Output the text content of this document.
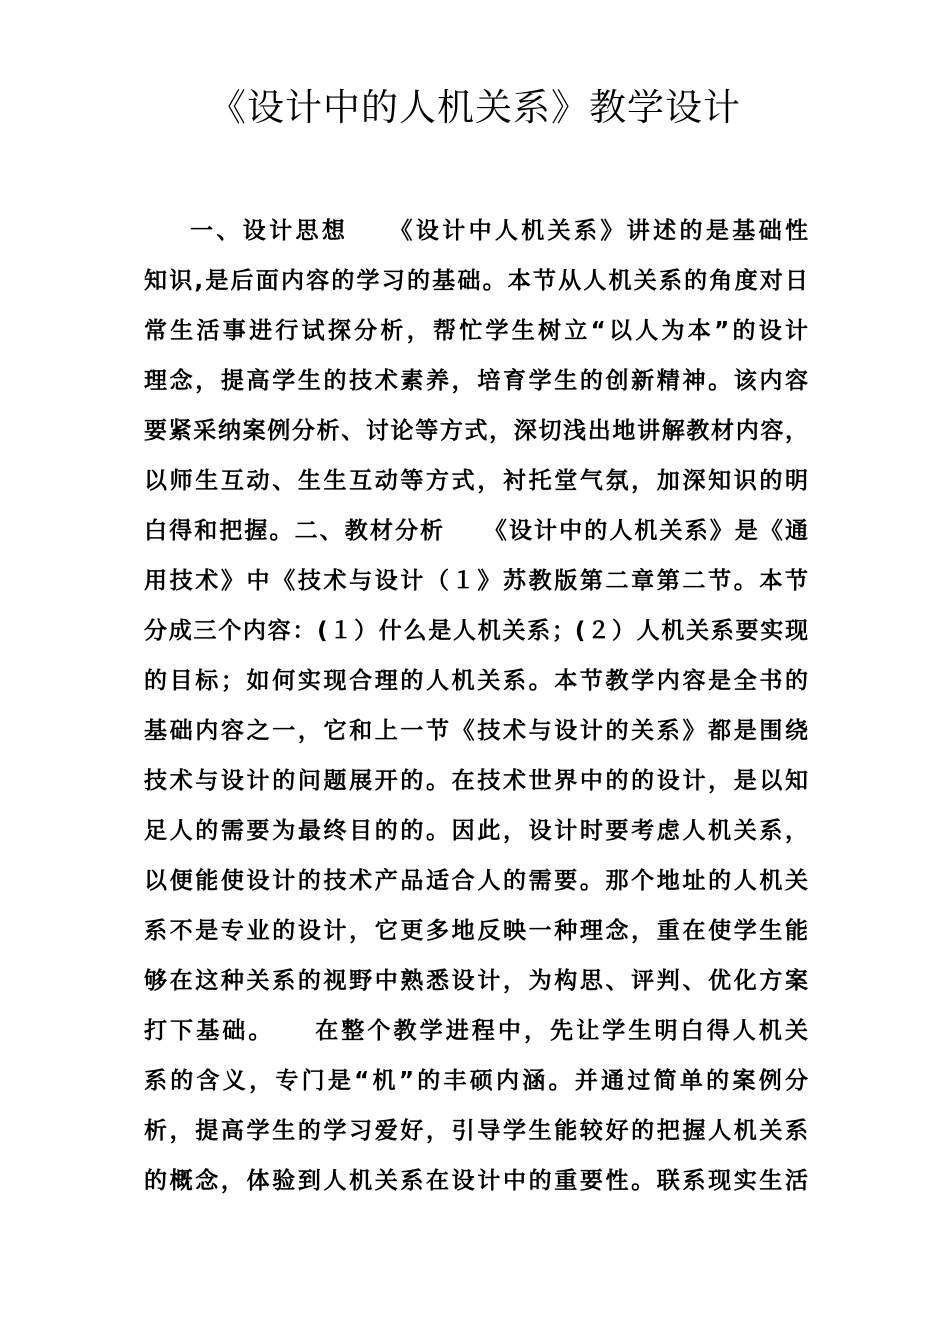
《设计中的人机关系》教学设计
一、设计思想　　《设计中人机关系》讲述的是基础性
知识,是后面内容的学习的基础。本节从人机关系的角度对日
常生活事进行试探分析，帮忙学生树立“以人为本”的设计
理念，提高学生的技术素养，培育学生的创新精神。该内容
要紧采纳案例分析、讨论等方式，深切浅出地讲解教材内容，
以师生互动、生生互动等方式，衬托堂气氛，加深知识的明
白得和把握。二、教材分析　　《设计中的人机关系》是《通
用技术》中《技术与设计（１》苏教版第二章第二节。本节
分成三个内容：(１）什么是人机关系；(２）人机关系要实现
的目标；如何实现合理的人机关系。本节教学内容是全书的
基础内容之一，它和上一节《技术与设计的关系》都是围绕
技术与设计的问题展开的。在技术世界中的的设计，是以知
足人的需要为最终目的的。因此，设计时要考虑人机关系，
以便能使设计的技术产品适合人的需要。那个地址的人机关
系不是专业的设计，它更多地反映一种理念，重在使学生能
够在这种关系的视野中熟悉设计，为构思、评判、优化方案
打下基础。　　在整个教学进程中，先让学生明白得人机关
系的含义，专门是“机”的丰硕内涵。并通过简单的案例分
析，提高学生的学习爱好，引导学生能较好的把握人机关系
的概念，体验到人机关系在设计中的重要性。联系现实生活
